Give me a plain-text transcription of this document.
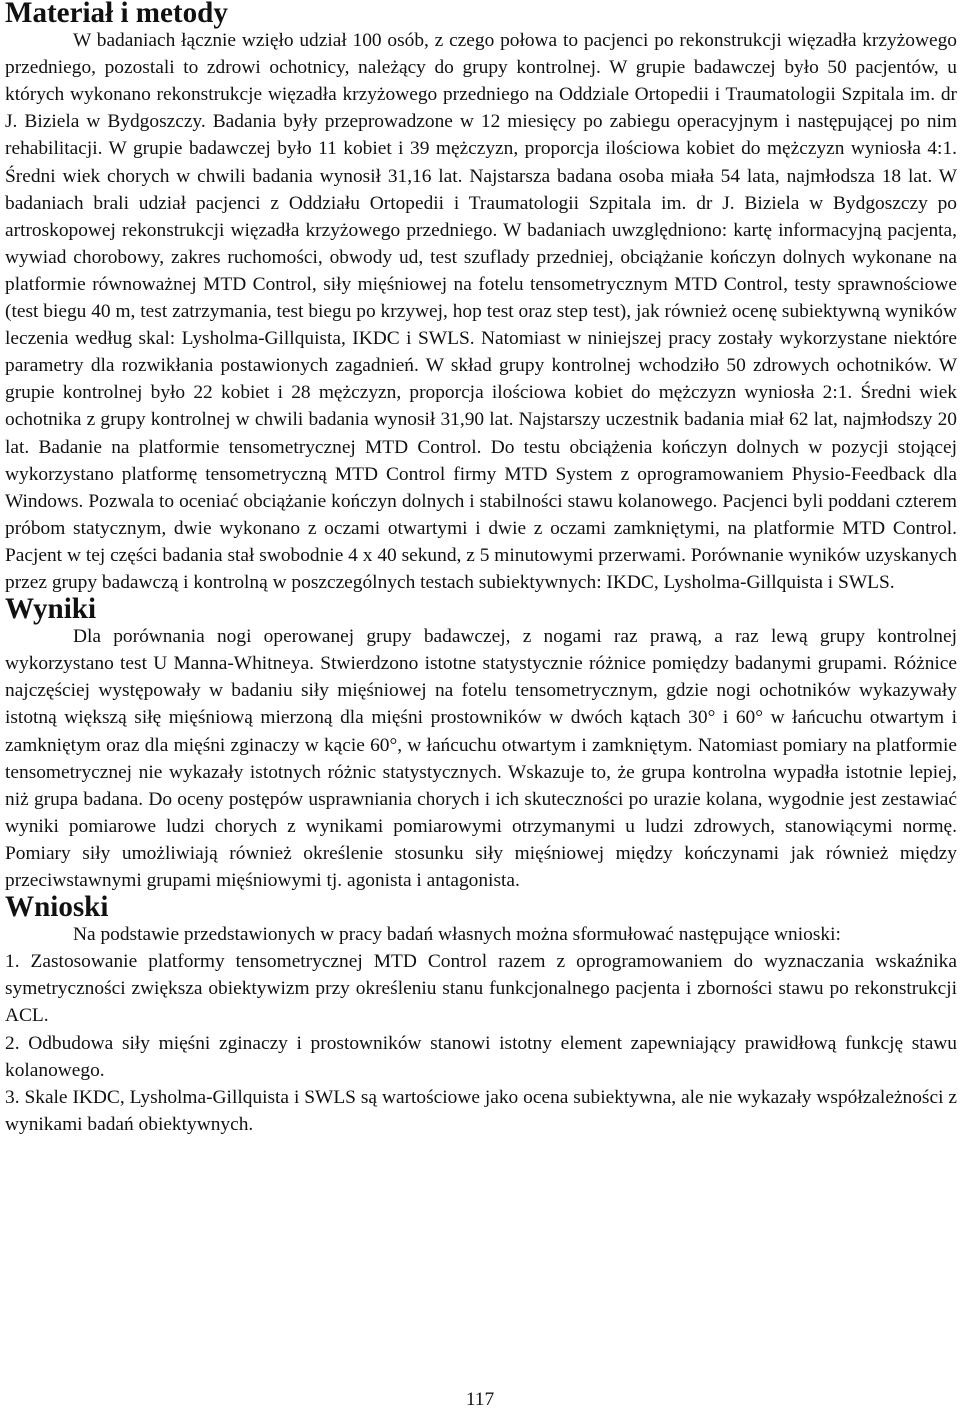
Materiał i metody

W badaniach łącznie wzięło udział 100 osób, z czego połowa to pacjenci po rekonstrukcji więzadła krzyżowego przedniego, pozostali to zdrowi ochotnicy, należący do grupy kontrolnej. W grupie badawczej było 50 pacjentów, u których wykonano rekonstrukcje więzadła krzyżowego przedniego na Oddziale Ortopedii i Traumatologii Szpitala im. dr J. Biziela w Bydgoszczy. Badania były przeprowadzone w 12 miesięcy po zabiegu operacyjnym i następującej po nim rehabilitacji. W grupie badawczej było 11 kobiet i 39 mężczyzn, proporcja ilościowa kobiet do mężczyzn wyniosła 4:1. Średni wiek chorych w chwili badania wynosił 31,16 lat. Najstarsza badana osoba miała 54 lata, najmłodsza 18 lat. W badaniach brali udział pacjenci z Oddziału Ortopedii i Traumatologii Szpitala im. dr J. Biziela w Bydgoszczy po artroskopowej rekonstrukcji więzadła krzyżowego przedniego. W badaniach uwzględniono: kartę informacyjną pacjenta, wywiad chorobowy, zakres ruchomości, obwody ud, test szuflady przedniej, obciążanie kończyn dolnych wykonane na platformie równoważnej MTD Control, siły mięśniowej na fotelu tensometrycznym MTD Control, testy sprawnościowe (test biegu 40 m, test zatrzymania, test biegu po krzywej, hop test oraz step test), jak również ocenę subiektywną wyników leczenia według skal: Lysholma-Gillquista, IKDC i SWLS. Natomiast w niniejszej pracy zostały wykorzystane niektóre parametry dla rozwikłania postawionych zagadnień. W skład grupy kontrolnej wchodziło 50 zdrowych ochotników. W grupie kontrolnej było 22 kobiet i 28 mężczyzn, proporcja ilościowa kobiet do mężczyzn wyniosła 2:1. Średni wiek ochotnika z grupy kontrolnej w chwili badania wynosił 31,90 lat. Najstarszy uczestnik badania miał 62 lat, najmłodszy 20 lat. Badanie na platformie tensometrycznej MTD Control. Do testu obciążenia kończyn dolnych w pozycji stojącej wykorzystano platformę tensometryczną MTD Control firmy MTD System z oprogramowaniem Physio-Feedback dla Windows. Pozwala to oceniać obciążanie kończyn dolnych i stabilności stawu kolanowego. Pacjenci byli poddani czterem próbom statycznym, dwie wykonano z oczami otwartymi i dwie z oczami zamkniętymi, na platformie MTD Control. Pacjent w tej części badania stał swobodnie 4 x 40 sekund, z 5 minutowymi przerwami. Porównanie wyników uzyskanych przez grupy badawczą i kontrolną w poszczególnych testach subiektywnych: IKDC, Lysholma-Gillquista i SWLS.

Wyniki

Dla porównania nogi operowanej grupy badawczej, z nogami raz prawą, a raz lewą grupy kontrolnej wykorzystano test U Manna-Whitneya. Stwierdzono istotne statystycznie różnice pomiędzy badanymi grupami. Różnice najczęściej występowały w badaniu siły mięśniowej na fotelu tensometrycznym, gdzie nogi ochotników wykazywały istotną większą siłę mięśniową mierzoną dla mięśni prostowników w dwóch kątach 30° i 60° w łańcuchu otwartym i zamkniętym oraz dla mięśni zginaczy w kącie 60°, w łańcuchu otwartym i zamkniętym. Natomiast pomiary na platformie tensometrycznej nie wykazały istotnych różnic statystycznych. Wskazuje to, że grupa kontrolna wypadła istotnie lepiej, niż grupa badana. Do oceny postępów usprawniania chorych i ich skuteczności po urazie kolana, wygodnie jest zestawiać wyniki pomiarowe ludzi chorych z wynikami pomiarowymi otrzymanymi u ludzi zdrowych, stanowiącymi normę. Pomiary siły umożliwiają również określenie stosunku siły mięśniowej między kończynami jak również między przeciwstawnymi grupami mięśniowymi tj. agonista i antagonista.

Wnioski

Na podstawie przedstawionych w pracy badań własnych można sformułować następujące wnioski:

1. Zastosowanie platformy tensometrycznej MTD Control razem z oprogramowaniem do wyznaczania wskaźnika symetryczności zwiększa obiektywizm przy określeniu stanu funkcjonalnego pacjenta i zborności stawu po rekonstrukcji ACL.

2. Odbudowa siły mięśni zginaczy i prostowników stanowi istotny element zapewniający prawidłową funkcję stawu kolanowego.

3. Skale IKDC, Lysholma-Gillquista i SWLS są wartościowe jako ocena subiektywna, ale nie wykazały współzależności z wynikami badań obiektywnych.

117
